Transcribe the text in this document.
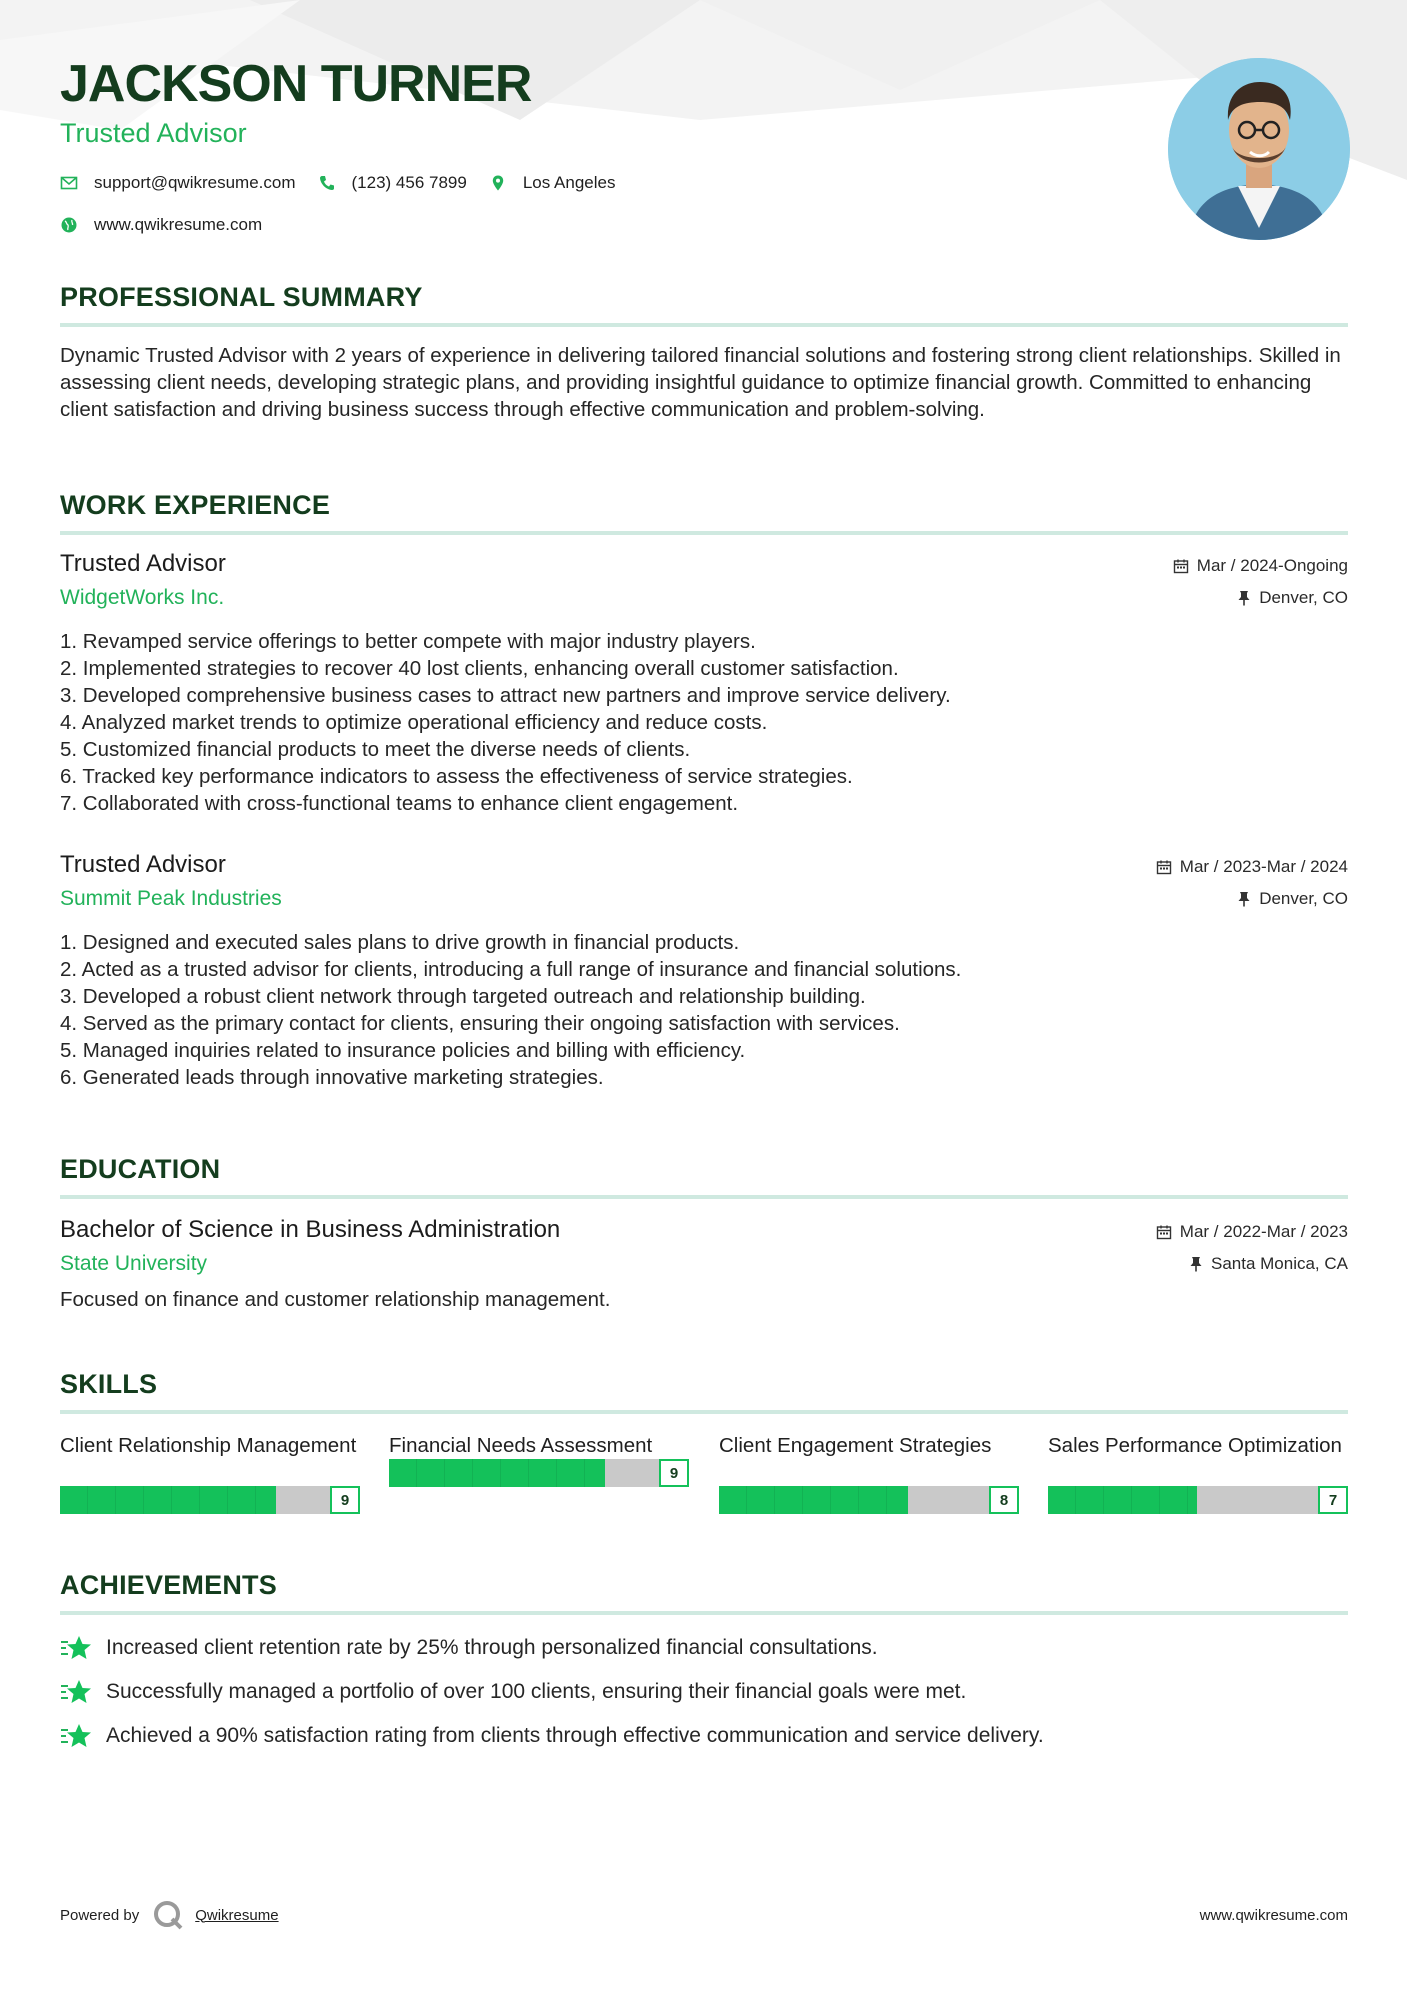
JACKSON TURNER
Trusted Advisor
support@qwikresume.com	(123) 456 7899	Los Angeles
www.qwikresume.com
PROFESSIONAL SUMMARY

Dynamic Trusted Advisor with 2 years of experience in delivering tailored financial solutions and fostering strong client relationships. Skilled in assessing client needs, developing strategic plans, and providing insightful guidance to optimize financial growth. Committed to enhancing client satisfaction and driving business success through effective communication and problem-solving.

WORK EXPERIENCE
Trusted Advisor
WidgetWorks Inc.
Mar / 2024-Ongoing
Denver, CO
1. Revamped service offerings to better compete with major industry players.
2. Implemented strategies to recover 40 lost clients, enhancing overall customer satisfaction.
3. Developed comprehensive business cases to attract new partners and improve service delivery.
4. Analyzed market trends to optimize operational efficiency and reduce costs.
5. Customized financial products to meet the diverse needs of clients.
6. Tracked key performance indicators to assess the effectiveness of service strategies.
7. Collaborated with cross-functional teams to enhance client engagement.
Trusted Advisor
Summit Peak Industries
Mar / 2023-Mar / 2024
Denver, CO
1. Designed and executed sales plans to drive growth in financial products.
2. Acted as a trusted advisor for clients, introducing a full range of insurance and financial solutions.
3. Developed a robust client network through targeted outreach and relationship building.
4. Served as the primary contact for clients, ensuring their ongoing satisfaction with services.
5. Managed inquiries related to insurance policies and billing with efficiency.
6. Generated leads through innovative marketing strategies.
EDUCATION
Bachelor of Science in Business Administration
State University
Mar / 2022-Mar / 2023
Santa Monica, CA
Focused on finance and customer relationship management.
SKILLS
Client Relationship Management
9
Financial Needs Assessment
9
Client Engagement Strategies
8
Sales Performance Optimization
7
ACHIEVEMENTS
Increased client retention rate by 25% through personalized financial consultations.
Successfully managed a portfolio of over 100 clients, ensuring their financial goals were met.
Achieved a 90% satisfaction rating from clients through effective communication and service delivery.
Powered by	Qwikresume	www.qwikresume.com
